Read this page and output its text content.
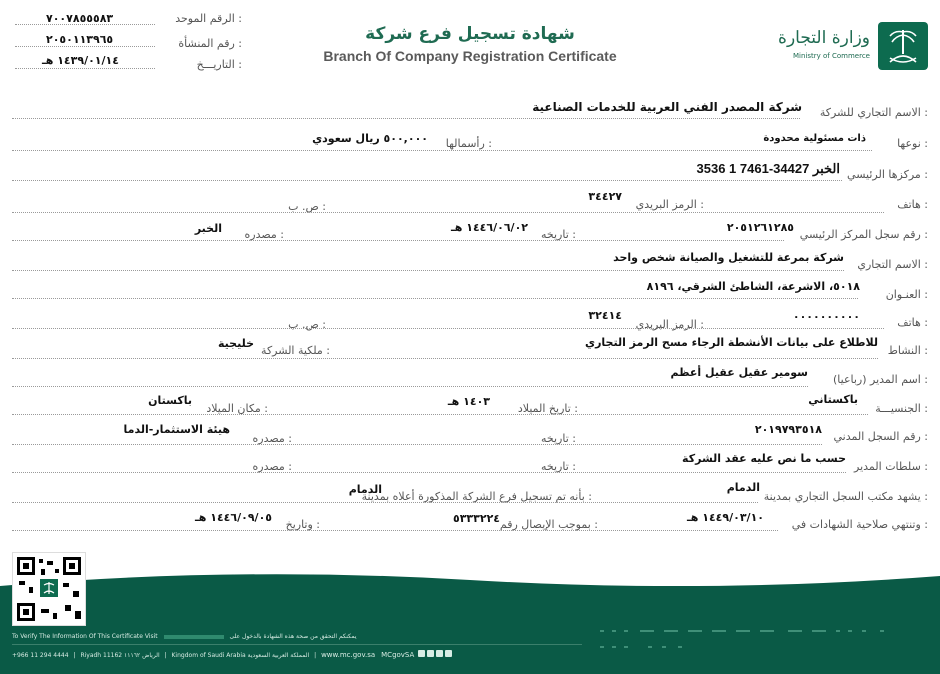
وزارة التجارة
Ministry of Commerce
شهادة تسجيل فرع شركة
Branch Of Company Registration Certificate
الرقم الموحد :
٧٠٠٧٨٥٥٥٨٣
رقم المنشأة :
٢٠٥٠١١٣٩٦٥
التاريـــخ :
١٤٣٩/٠١/١٤ هـ
الاسم التجاري للشركة :
شركة المصدر الفني العربية للخدمات الصناعية
نوعها :
ذات مسئولية محدودة
رأسمالها :
٥٠٠,٠٠٠ ريال سعودي
مركزها الرئيسي :
3536 الخبر 34427-7461 1
هاتف :
الرمز البريدي :
٣٤٤٢٧
ص. ب :
رقم سجل المركز الرئيسي :
٢٠٥١٢٦١٢٨٥
تاريخه :
١٤٤٦/٠٦/٠٢ هـ
مصدره :
الخبر
الاسم التجاري :
شركة بمرعة للتشغيل والصيانة شخص واحد
العنـوان :
٥٠١٨، الاشرعة، الشاطئ الشرقي، ٨١٩٦
هاتف :
٠٠٠٠٠٠٠٠٠٠
الرمز البريدي :
٣٢٤١٤
ص. ب :
النشاط :
للاطلاع على بيانات الأنشطة الرجاء مسح الرمز التجاري
ملكية الشركة :
خليجية
اسم المدير (رباعيا) :
سومير عقيل عقيل أعظم
الجنسيـــة :
باكستاني
تاريخ الميلاد :
١٤٠٣ هـ
مكان الميلاد :
باكستان
رقم السجل المدني :
٢٠١٩٧٩٣٥١٨
تاريخه :
مصدره :
هيئة الاستثمار-الدما
سلطات المدير :
حسب ما نص عليه عقد الشركة
تاريخه :
مصدره :
يشهد مكتب السجل التجاري بمدينة :
الدمام
بأنه تم تسجيل فرع الشركة المذكورة أعلاه بمدينة :
الدمام
وتنتهي صلاحية الشهادات في :
١٤٤٩/٠٣/١٠ هـ
بموجب الإيصال رقم :
٥٣٣٣٢٢٤
وتاريخ :
١٤٤٦/٠٩/٠٥ هـ
To Verify The Information Of This Certificate Visit	يمكنكم التحقق من صحة هذه الشهادة بالدخول على
+966 11 294 4444 | Riyadh 11162 الرياض ١١١٦٢ | Kingdom of Saudi Arabia المملكة العربية السعودية | www.mc.gov.sa MCgovSA
